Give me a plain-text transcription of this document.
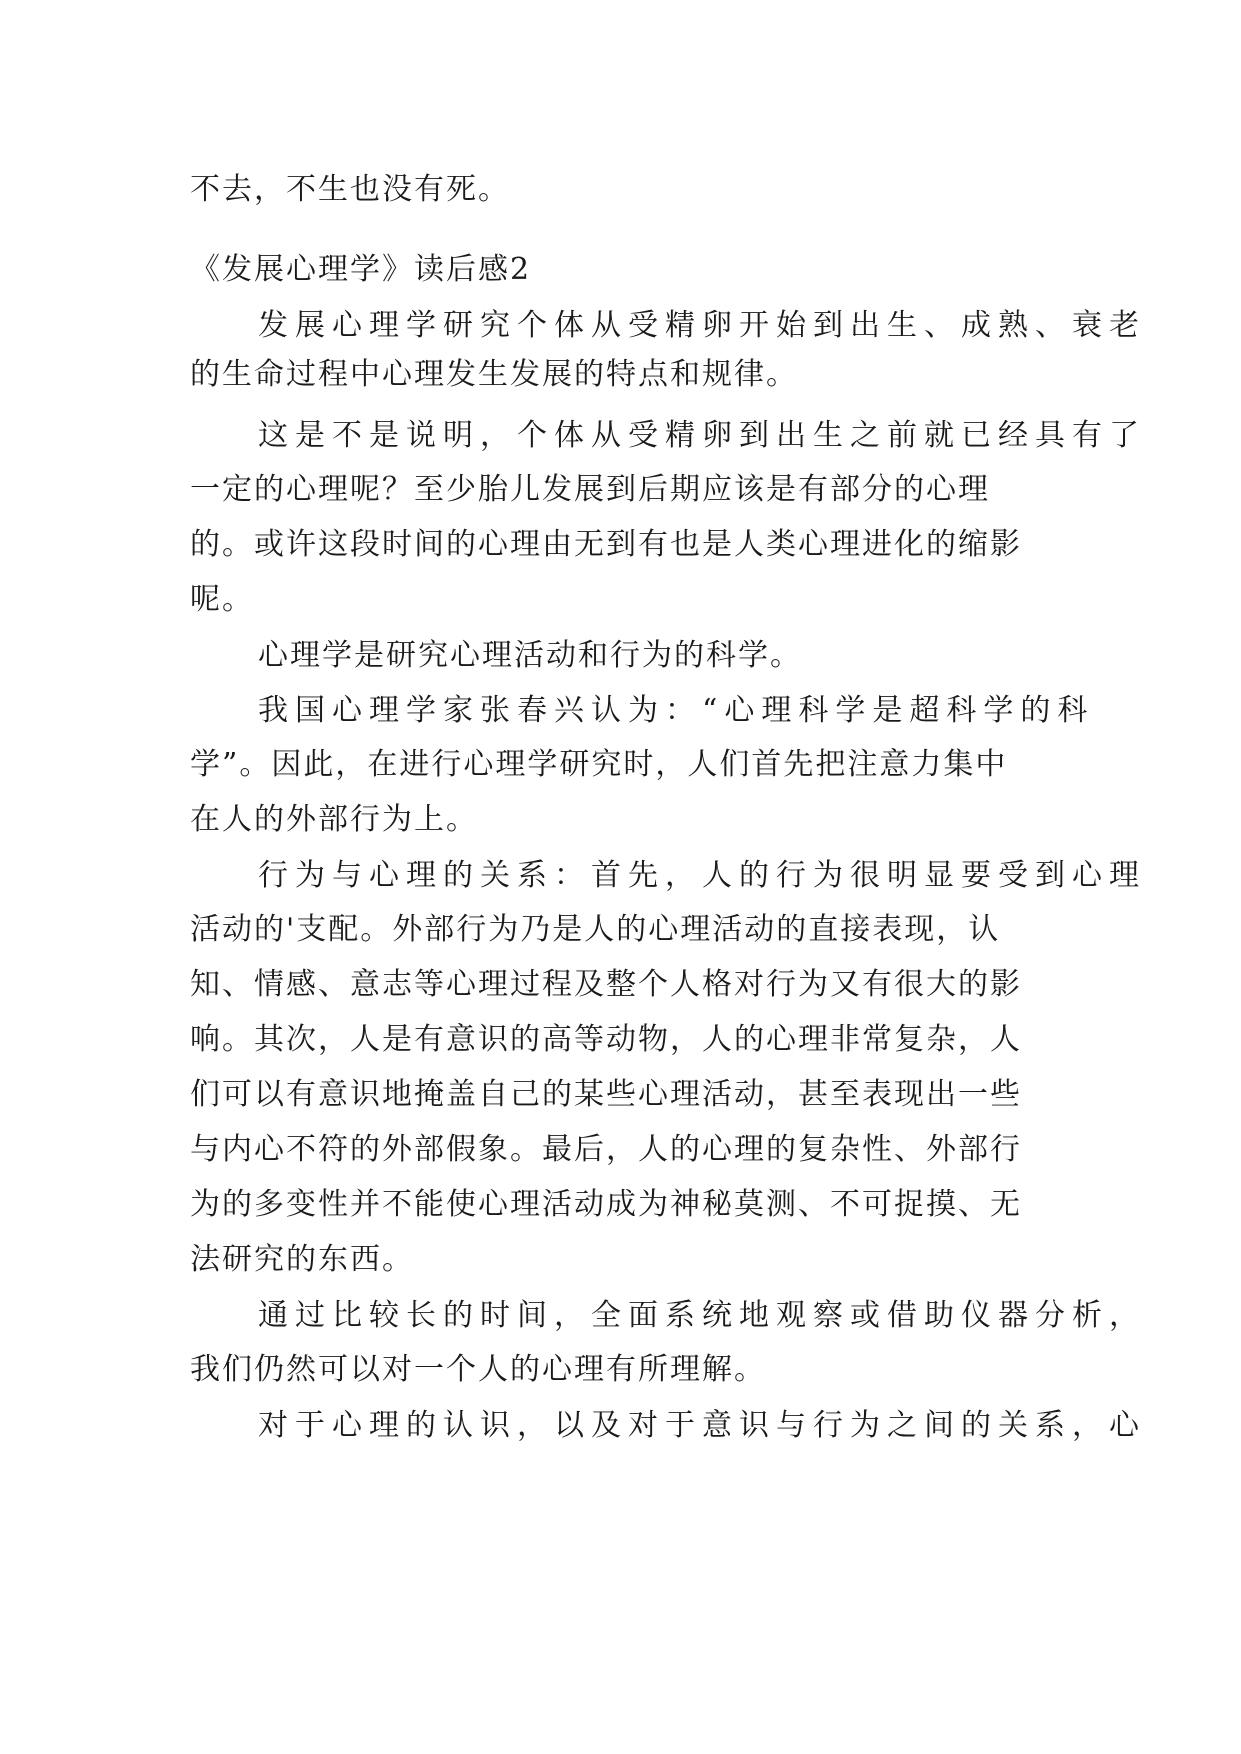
不去，不生也没有死。
《发展心理学》读后感2
发展心理学研究个体从受精卵开始到出生、成熟、衰老
的生命过程中心理发生发展的特点和规律。
这是不是说明，个体从受精卵到出生之前就已经具有了
一定的心理呢？至少胎儿发展到后期应该是有部分的心理
的。或许这段时间的心理由无到有也是人类心理进化的缩影
呢。
心理学是研究心理活动和行为的科学。
我国心理学家张春兴认为：“心理科学是超科学的科
学”。因此，在进行心理学研究时，人们首先把注意力集中
在人的外部行为上。
行为与心理的关系：首先，人的行为很明显要受到心理
活动的'支配。外部行为乃是人的心理活动的直接表现，认
知、情感、意志等心理过程及整个人格对行为又有很大的影
响。其次，人是有意识的高等动物，人的心理非常复杂，人
们可以有意识地掩盖自己的某些心理活动，甚至表现出一些
与内心不符的外部假象。最后，人的心理的复杂性、外部行
为的多变性并不能使心理活动成为神秘莫测、不可捉摸、无
法研究的东西。
通过比较长的时间，全面系统地观察或借助仪器分析，
我们仍然可以对一个人的心理有所理解。
对于心理的认识，以及对于意识与行为之间的关系，心
